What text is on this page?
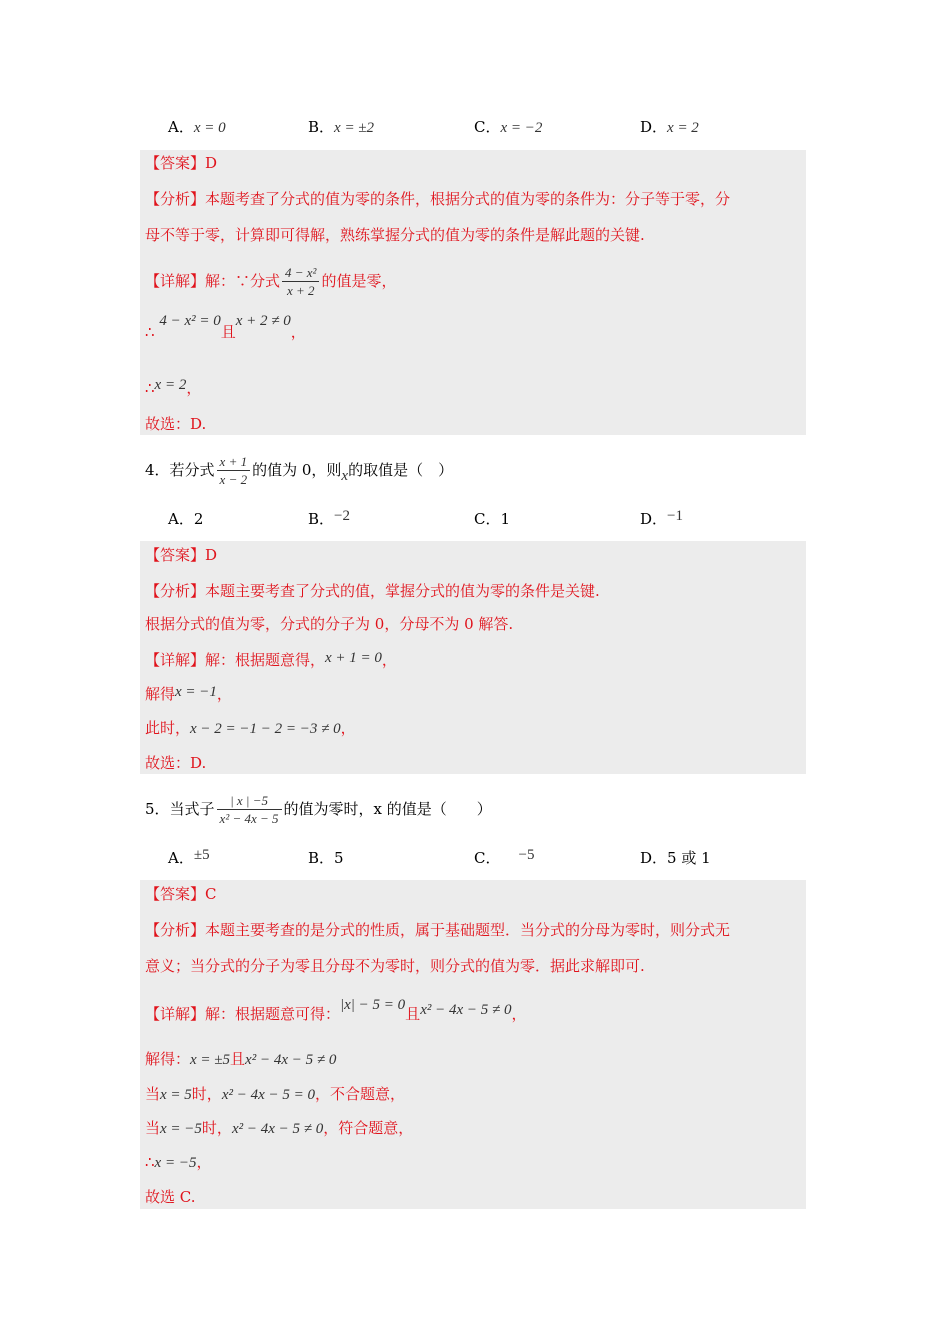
A．x = 0	B．x = ±2	C．x = −2	D．x = 2
【答案】D
【分析】本题考查了分式的值为零的条件，根据分式的值为零的条件为：分子等于零，分
母不等于零，计算即可得解，熟练掌握分式的值为零的条件是解此题的关键.
【详解】解：∵分式 $\frac{\text{4 − x²}}{x + 2}$ 的值是零，
∴ 4 − x² = 0且x + 2 ≠ 0，
∴x = 2，
故选：D.
4．若分式 $\frac{x + 1}{x - 2}$ 的值为 0，则 x 的取值是（　）
A．2	B．−2	C．1	D．−1
【答案】D
【分析】本题主要考查了分式的值，掌握分式的值为零的条件是关键.
根据分式的值为零，分式的分子为 0，分母不为 0 解答.
【详解】解：根据题意得，x + 1 = 0，
解得x = −1，
此时，x − 2 = −1 − 2 = −3 ≠ 0，
故选：D.
5．当式子 $\frac{| x | -5}{\text{x² − 4x − 5}}$ 的值为零时，x 的值是（　　）
A．±5	B．5	C． −5	D．5 或 1
【答案】C
【分析】本题主要考查的是分式的性质，属于基础题型．当分式的分母为零时，则分式无
意义；当分式的分子为零且分母不为零时，则分式的值为零．据此求解即可.
【详解】解：根据题意可得：|x| − 5 = 0且x² − 4x − 5 ≠ 0，
解得：x = ±5且x² − 4x − 5 ≠ 0
当x = 5时，x² − 4x − 5 = 0，不合题意，
当x = −5时，x² − 4x − 5 ≠ 0，符合题意，
∴x = −5，
故选 C.
